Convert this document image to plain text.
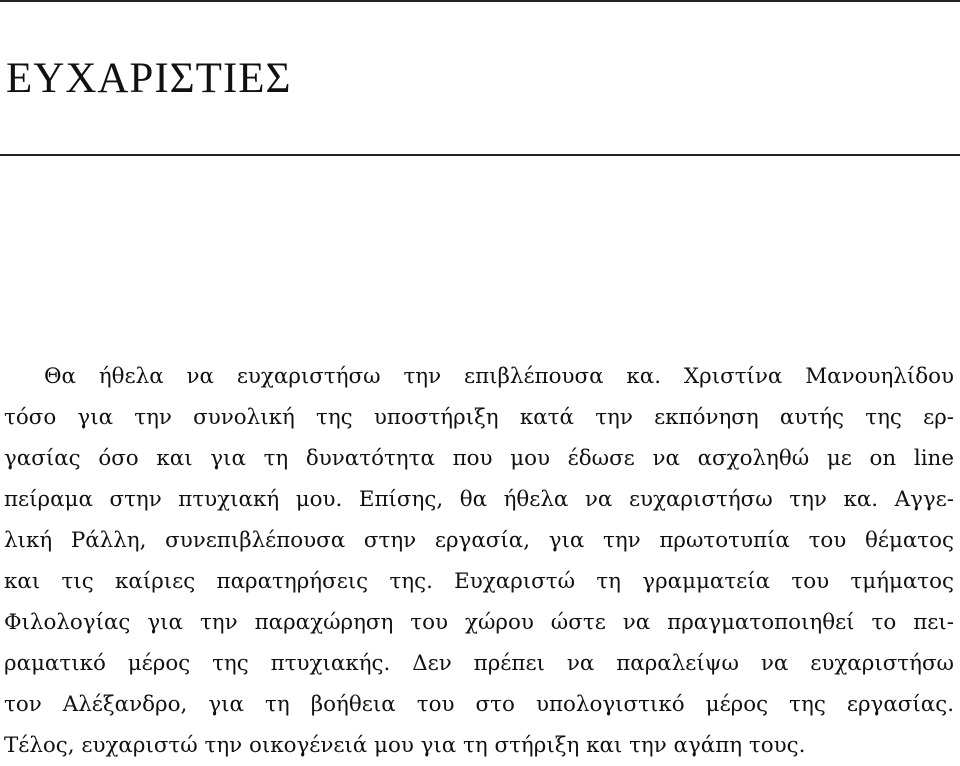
ΕΥΧΑΡΙΣΤΙΕΣ
Θα ήθελα να ευχαριστήσω την επιβλέπουσα κα. Χριστίνα Μανουηλίδου
τόσο για την συνολική της υποστήριξη κατά την εκπόνηση αυτής της ερ-
γασίας όσο και για τη δυνατότητα που μου έδωσε να ασχοληθώ με on line
πείραμα στην πτυχιακή μου. Επίσης, θα ήθελα να ευχαριστήσω την κα. Αγγε-
λική Ράλλη, συνεπιβλέπουσα στην εργασία, για την πρωτοτυπία του θέματος
και τις καίριες παρατηρήσεις της. Ευχαριστώ τη γραμματεία του τμήματος
Φιλολογίας για την παραχώρηση του χώρου ώστε να πραγματοποιηθεί το πει-
ραματικό μέρος της πτυχιακής. Δεν πρέπει να παραλείψω να ευχαριστήσω
τον Αλέξανδρο, για τη βοήθεια του στο υπολογιστικό μέρος της εργασίας.
Τέλος, ευχαριστώ την οικογένειά μου για τη στήριξη και την αγάπη τους.
